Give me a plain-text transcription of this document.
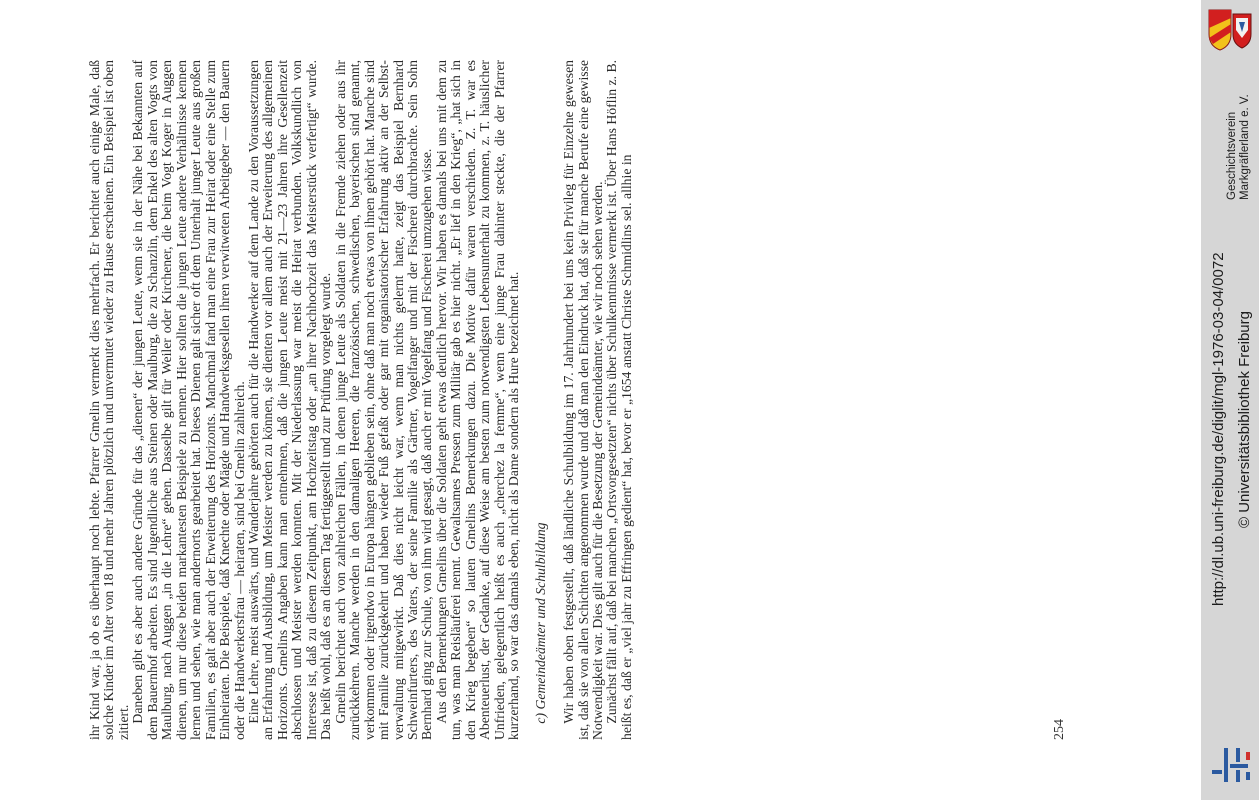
ihr Kind war, ja ob es überhaupt noch lebte. Pfarrer Gmelin vermerkt dies mehrfach. Er berichtet auch einige Male, daß solche Kinder im Alter von 18 und mehr Jahren plötzlich und unvermutet wieder zu Hause erscheinen. Ein Beispiel ist oben zitiert. Daneben gibt es aber auch andere Gründe für das „dienen“ der jungen Leute, wenn sie in der Nähe bei Bekannten auf dem Bauernhof arbeiten. Es sind Jugendliche aus Steinen oder Maulburg, die zu Schanzlin, dem Enkel des alten Vogts von Maulburg, nach Auggen „in die Lehre“ gehen. Dasselbe gilt für Weiler oder Kirchener, die beim Vogt Koger in Auggen dienen, um nur diese beiden markantesten Beispiele zu nennen. Hier sollten die jungen Leute andere Verhältnisse kennen lernen und sehen, wie man andernorts gearbeitet hat. Dieses Dienen galt sicher oft dem Unterhalt junger Leute aus großen Familien, es galt aber auch der Erweiterung des Horizonts. Manchmal fand man eine Frau zur Heirat oder eine Stelle zum Einheiraten. Die Beispiele, daß Knechte oder Mägde und Handwerksgesellen ihren verwitweten Arbeitgeber — den Bauern oder die Handwerkersfrau — heiraten, sind bei Gmelin zahlreich. Eine Lehre, meist auswärts, und Wanderjahre gehörten auch für die Handwerker auf dem Lande zu den Voraussetzungen an Erfahrung und Ausbildung, um Meister werden zu können, sie dienten vor allem auch der Erweiterung des allgemeinen Horizonts. Gmelins Angaben kann man entnehmen, daß die jungen Leute meist mit 21—23 Jahren ihre Gesellenzeit abschlossen und Meister werden konnten. Mit der Niederlassung war meist die Heirat verbunden. Volkskundlich von Interesse ist, daß zu diesem Zeitpunkt, am Hochzeitstag oder „an ihrer Nachhochzeit das Meisterstück verfertigt“ wurde. Das heißt wohl, daß es an diesem Tag fertiggestellt und zur Prüfung vorgelegt wurde. Gmelin berichtet auch von zahlreichen Fällen, in denen junge Leute als Soldaten in die Fremde ziehen oder aus ihr zurückkehren. Manche werden in den damaligen Heeren, die französischen, schwedischen, bayerischen sind genannt, verkommen oder irgendwo in Europa hängen geblieben sein, ohne daß man noch etwas von ihnen gehört hat. Manche sind mit Familie zurückgekehrt und haben wieder Fuß gefaßt oder gar mit organisatorischer Erfahrung aktiv an der Selbstverwaltung mitgewirkt. Daß dies nicht leicht war, wenn man nichts gelernt hatte, zeigt das Beispiel Bernhard Schweinfurters, des Vaters, der seine Familie als Gärtner, Vogelfanger und mit der Fischerei durchbrachte. Sein Sohn Bernhard ging zur Schule, von ihm wird gesagt, daß auch er mit Vogelfang und Fischerei umzugehen wisse. Aus den Bemerkungen Gmelins über die Soldaten geht etwas deutlich hervor. Wir haben es damals bei uns mit dem zu tun, was man Reisläuferei nennt. Gewaltsames Pressen zum Militär gab es hier nicht. „Er lief in den Krieg“, „hat sich in den Krieg begeben“ so lauten Gmelins Bemerkungen dazu. Die Motive dafür waren verschieden. Z. T. war es Abenteuerlust, der Gedanke, auf diese Weise am besten zum notwendigsten Lebensunterhalt zu kommen, z. T. häuslicher Unfrieden, gelegentlich heißt es auch „cherchez la femme“, wenn eine junge Frau dahinter steckte, die der Pfarrer kurzerhand, so war das damals eben, nicht als Dame sondern als Hure bezeichnet hat. c) Gemeindeämter und Schulbildung Wir haben oben festgestellt, daß ländliche Schulbildung im 17. Jahrhundert bei uns kein Privileg für Einzelne gewesen ist, daß sie von allen Schichten angenommen wurde und daß man den Eindruck hat, daß sie für manche Berufe eine gewisse Notwendigkeit war. Dies gilt auch für die Besetzung der Gemeindeämter, wie wir noch sehen werden. Zunächst fällt auf, daß bei manchen „Ortsvorgesetzten“ nichts über Schulkenntnisse vermerkt ist. Über Hans Höflin z. B. heißt es, daß er „viel jahr zu Effringen gedient“ hat, bevor er „1654 anstatt Christe Schmidlins sel. allhie in	254
Geschichtsverein Markgräflerland e. V.
http://dl.ub.uni-freiburg.de/diglit/mgl-1976-03-04/0072 © Universitätsbibliothek Freiburg
